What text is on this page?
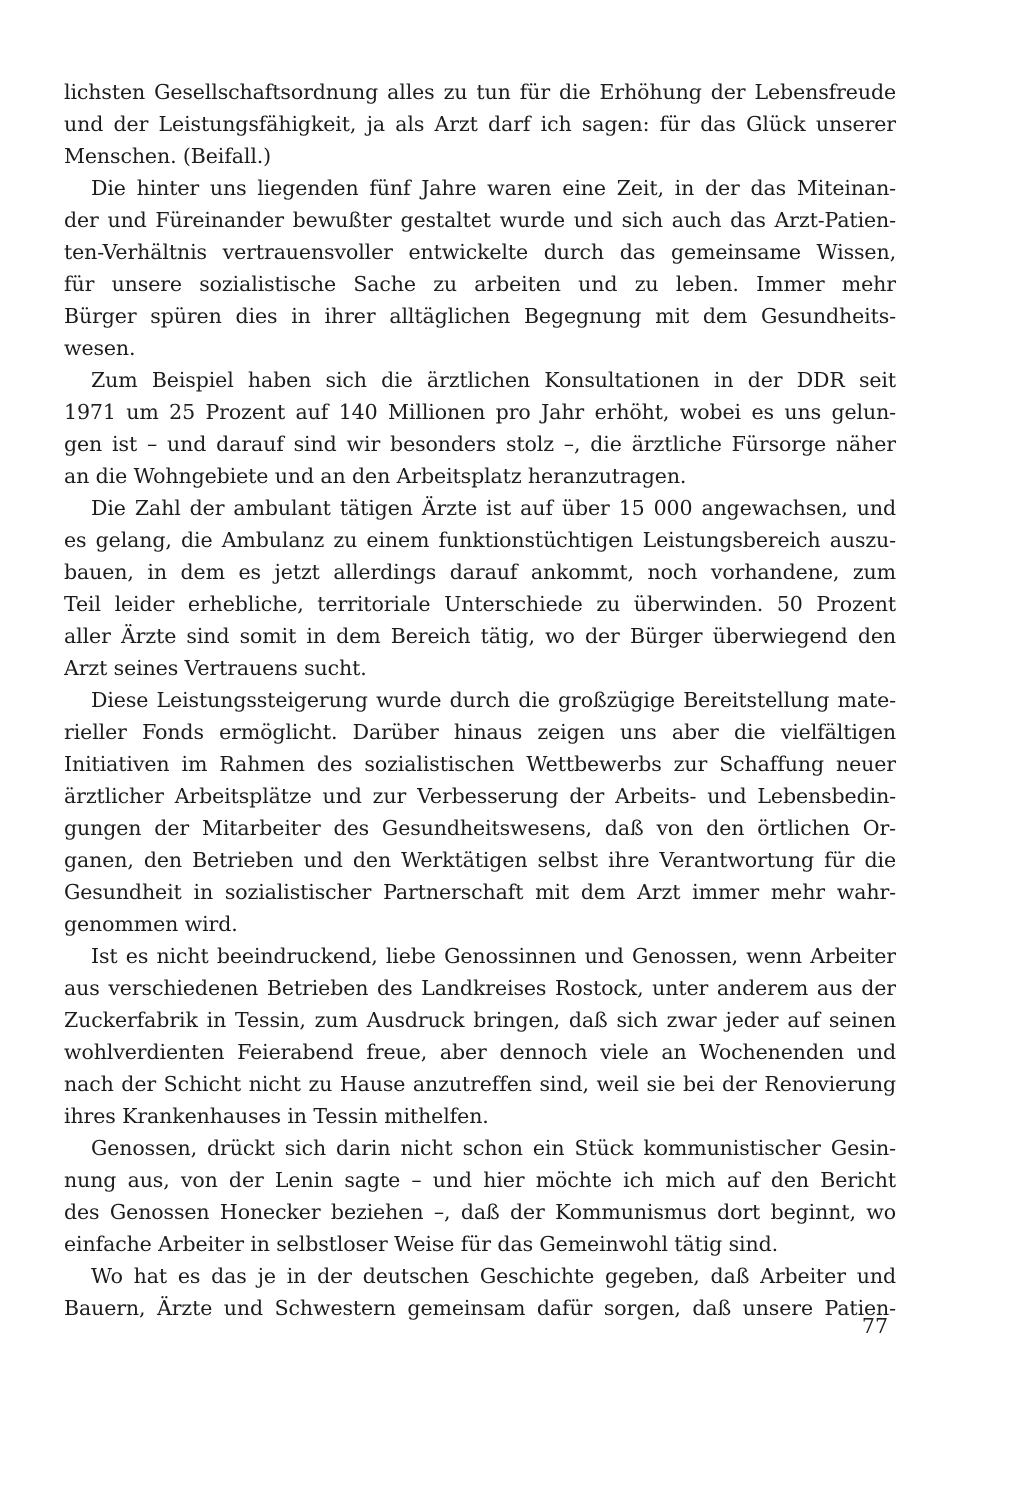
lichsten Gesellschaftsordnung alles zu tun für die Erhöhung der Lebensfreude
und der Leistungsfähigkeit, ja als Arzt darf ich sagen: für das Glück unserer
Menschen. (Beifall.)
Die hinter uns liegenden fünf Jahre waren eine Zeit, in der das Miteinan-
der und Füreinander bewußter gestaltet wurde und sich auch das Arzt-Patien-
ten-Verhältnis vertrauensvoller entwickelte durch das gemeinsame Wissen,
für unsere sozialistische Sache zu arbeiten und zu leben. Immer mehr
Bürger spüren dies in ihrer alltäglichen Begegnung mit dem Gesundheits-
wesen.
Zum Beispiel haben sich die ärztlichen Konsultationen in der DDR seit
1971 um 25 Prozent auf 140 Millionen pro Jahr erhöht, wobei es uns gelun-
gen ist – und darauf sind wir besonders stolz –, die ärztliche Fürsorge näher
an die Wohngebiete und an den Arbeitsplatz heranzutragen.
Die Zahl der ambulant tätigen Ärzte ist auf über 15 000 angewachsen, und
es gelang, die Ambulanz zu einem funktionstüchtigen Leistungsbereich auszu-
bauen, in dem es jetzt allerdings darauf ankommt, noch vorhandene, zum
Teil leider erhebliche, territoriale Unterschiede zu überwinden. 50 Prozent
aller Ärzte sind somit in dem Bereich tätig, wo der Bürger überwiegend den
Arzt seines Vertrauens sucht.
Diese Leistungssteigerung wurde durch die großzügige Bereitstellung mate-
rieller Fonds ermöglicht. Darüber hinaus zeigen uns aber die vielfältigen
Initiativen im Rahmen des sozialistischen Wettbewerbs zur Schaffung neuer
ärztlicher Arbeitsplätze und zur Verbesserung der Arbeits- und Lebensbedin-
gungen der Mitarbeiter des Gesundheitswesens, daß von den örtlichen Or-
ganen, den Betrieben und den Werktätigen selbst ihre Verantwortung für die
Gesundheit in sozialistischer Partnerschaft mit dem Arzt immer mehr wahr-
genommen wird.
Ist es nicht beeindruckend, liebe Genossinnen und Genossen, wenn Arbeiter
aus verschiedenen Betrieben des Landkreises Rostock, unter anderem aus der
Zuckerfabrik in Tessin, zum Ausdruck bringen, daß sich zwar jeder auf seinen
wohlverdienten Feierabend freue, aber dennoch viele an Wochenenden und
nach der Schicht nicht zu Hause anzutreffen sind, weil sie bei der Renovierung
ihres Krankenhauses in Tessin mithelfen.
Genossen, drückt sich darin nicht schon ein Stück kommunistischer Gesin-
nung aus, von der Lenin sagte – und hier möchte ich mich auf den Bericht
des Genossen Honecker beziehen –, daß der Kommunismus dort beginnt, wo
einfache Arbeiter in selbstloser Weise für das Gemeinwohl tätig sind.
Wo hat es das je in der deutschen Geschichte gegeben, daß Arbeiter und
Bauern, Ärzte und Schwestern gemeinsam dafür sorgen, daß unsere Patien-
77
